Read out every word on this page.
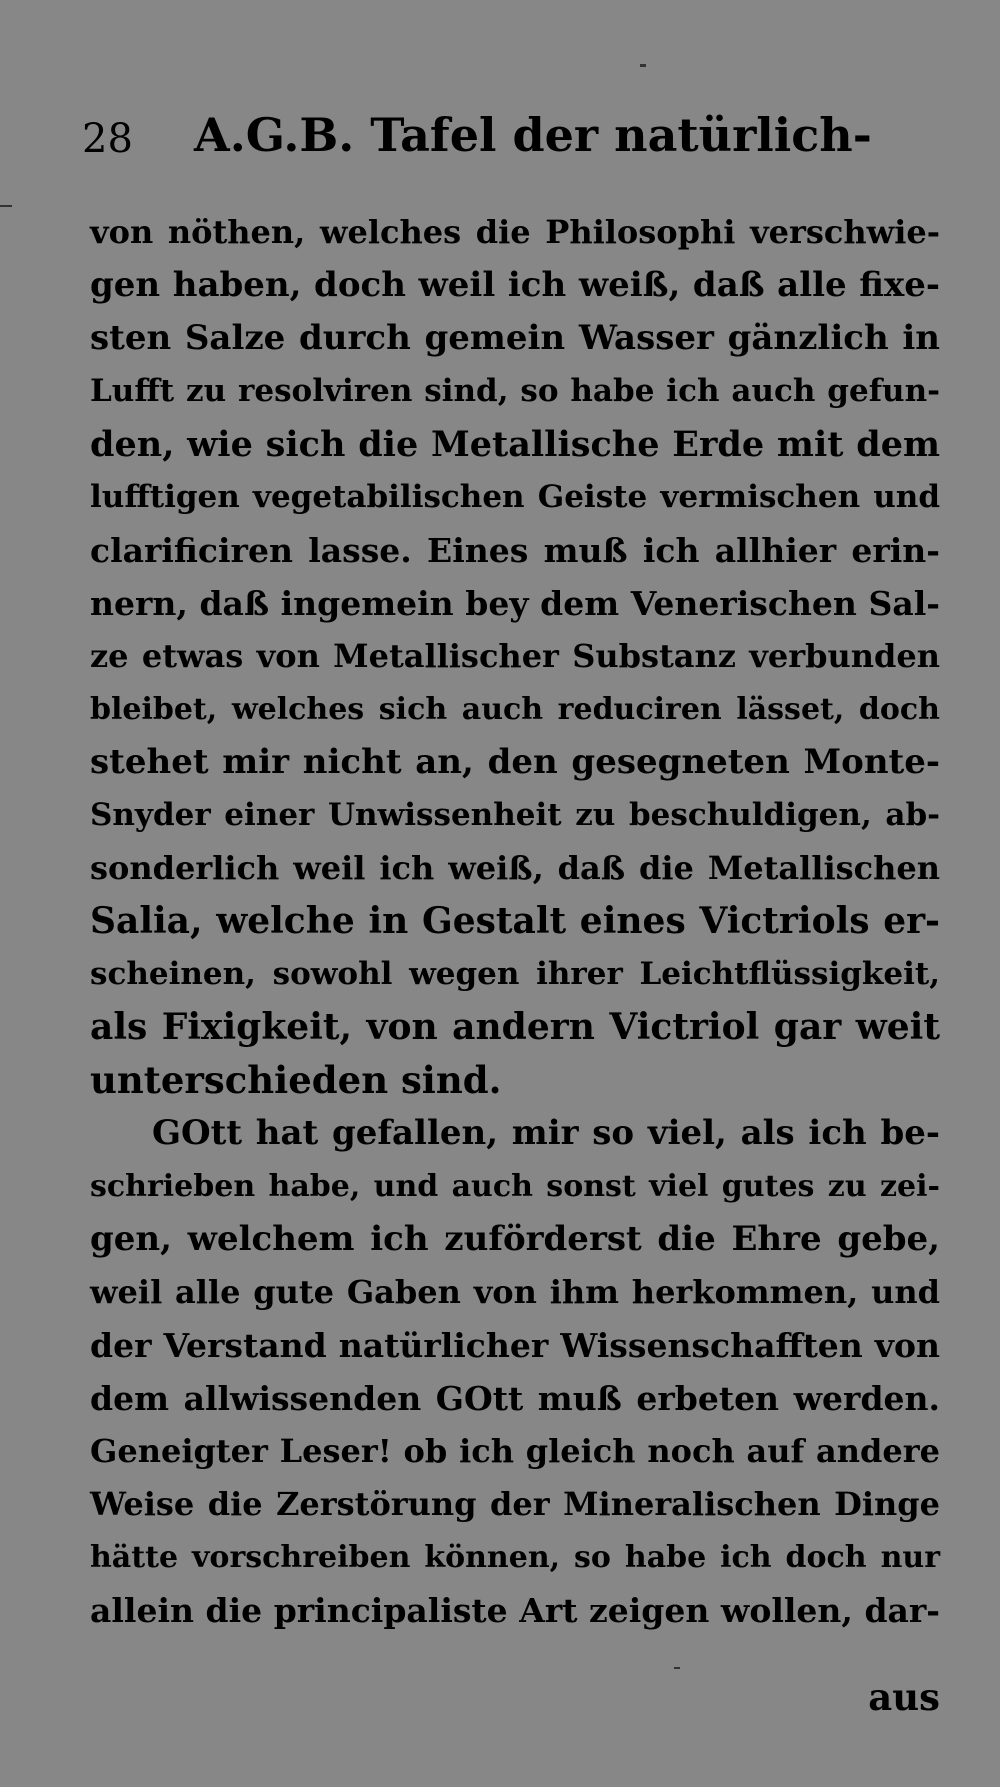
28 A.G.B. Tafel der natürlich-
von nöthen, welches die Philosophi verschwie-
gen haben, doch weil ich weiß, daß alle fixe-
sten Salze durch gemein Wasser gänzlich in
Lufft zu resolviren sind, so habe ich auch gefun-
den, wie sich die Metallische Erde mit dem
lufftigen vegetabilischen Geiste vermischen und
clarificiren lasse. Eines muß ich allhier erin-
nern, daß ingemein bey dem Venerischen Sal-
ze etwas von Metallischer Substanz verbunden
bleibet, welches sich auch reduciren lässet, doch
stehet mir nicht an, den gesegneten Monte-
Snyder einer Unwissenheit zu beschuldigen, ab-
sonderlich weil ich weiß, daß die Metallischen
Salia, welche in Gestalt eines Victriols er-
scheinen, sowohl wegen ihrer Leichtflüssigkeit,
als Fixigkeit, von andern Victriol gar weit
unterschieden sind.
GOtt hat gefallen, mir so viel, als ich be-
schrieben habe, und auch sonst viel gutes zu zei-
gen, welchem ich zuförderst die Ehre gebe,
weil alle gute Gaben von ihm herkommen, und
der Verstand natürlicher Wissenschafften von
dem allwissenden GOtt muß erbeten werden.
Geneigter Leser! ob ich gleich noch auf andere
Weise die Zerstörung der Mineralischen Dinge
hätte vorschreiben können, so habe ich doch nur
allein die principaliste Art zeigen wollen, dar-
aus
